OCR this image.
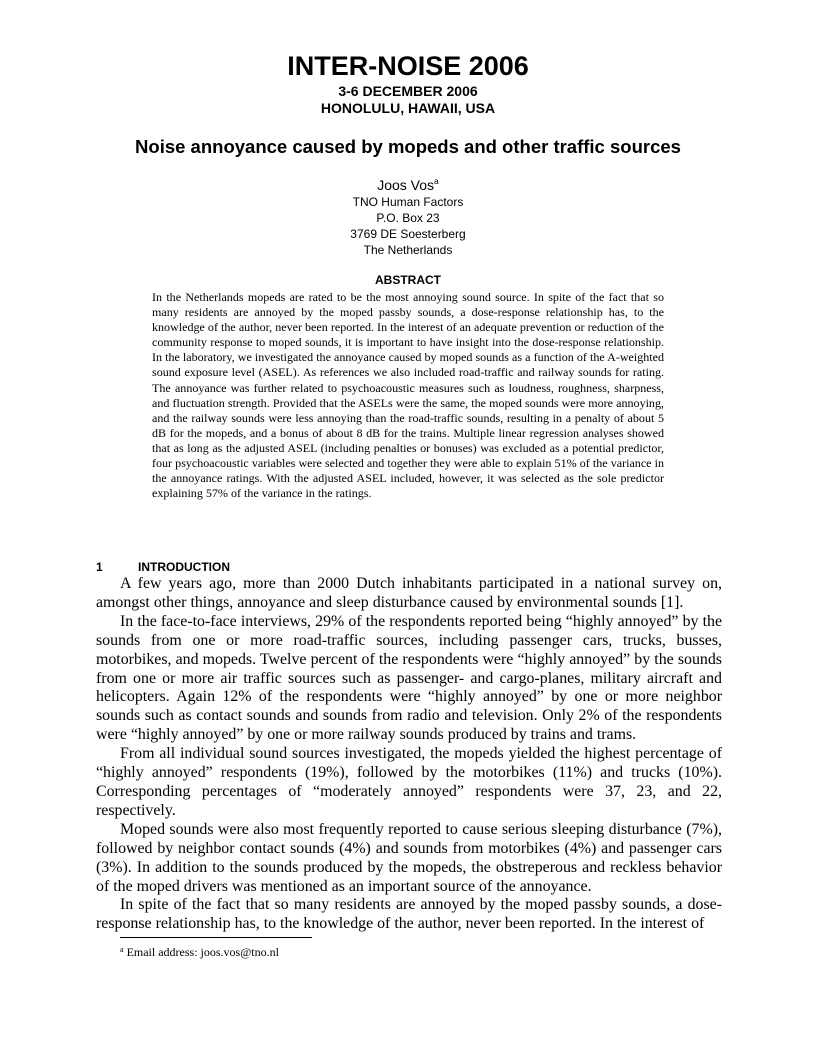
INTER-NOISE 2006
3-6 DECEMBER 2006
HONOLULU, HAWAII, USA
Noise annoyance caused by mopeds and other traffic sources
Joos Vos$^a$
TNO Human Factors
P.O. Box 23
3769 DE Soesterberg
The Netherlands
ABSTRACT
In the Netherlands mopeds are rated to be the most annoying sound source. In spite of the fact that so many residents are annoyed by the moped passby sounds, a dose-response relationship has, to the knowledge of the author, never been reported. In the interest of an adequate prevention or reduction of the community response to moped sounds, it is important to have insight into the dose-response relationship. In the laboratory, we investigated the annoyance caused by moped sounds as a function of the A-weighted sound exposure level (ASEL). As references we also included road-traffic and railway sounds for rating. The annoyance was further related to psychoacoustic measures such as loudness, roughness, sharpness, and fluctuation strength. Provided that the ASELs were the same, the moped sounds were more annoying, and the railway sounds were less annoying than the road-traffic sounds, resulting in a penalty of about 5 dB for the mopeds, and a bonus of about 8 dB for the trains. Multiple linear regression analyses showed that as long as the adjusted ASEL (including penalties or bonuses) was excluded as a potential predictor, four psychoacoustic variables were selected and together they were able to explain 51% of the variance in the annoyance ratings. With the adjusted ASEL included, however, it was selected as the sole predictor explaining 57% of the variance in the ratings.
1	INTRODUCTION

A few years ago, more than 2000 Dutch inhabitants participated in a national survey on, amongst other things, annoyance and sleep disturbance caused by environmental sounds [1].

In the face-to-face interviews, 29% of the respondents reported being “highly annoyed” by the sounds from one or more road-traffic sources, including passenger cars, trucks, busses, motorbikes, and mopeds. Twelve percent of the respondents were “highly annoyed” by the sounds from one or more air traffic sources such as passenger- and cargo-planes, military aircraft and helicopters. Again 12% of the respondents were “highly annoyed” by one or more neighbor sounds such as contact sounds and sounds from radio and television. Only 2% of the respondents were “highly annoyed” by one or more railway sounds produced by trains and trams.

From all individual sound sources investigated, the mopeds yielded the highest percentage of “highly annoyed” respondents (19%), followed by the motorbikes (11%) and trucks (10%). Corresponding percentages of “moderately annoyed” respondents were 37, 23, and 22, respectively.

Moped sounds were also most frequently reported to cause serious sleeping disturbance (7%), followed by neighbor contact sounds (4%) and sounds from motorbikes (4%) and passenger cars (3%). In addition to the sounds produced by the mopeds, the obstreperous and reckless behavior of the moped drivers was mentioned as an important source of the annoyance.

In spite of the fact that so many residents are annoyed by the moped passby sounds, a dose-response relationship has, to the knowledge of the author, never been reported. In the interest of

$^a$ Email address: joos.vos@tno.nl
